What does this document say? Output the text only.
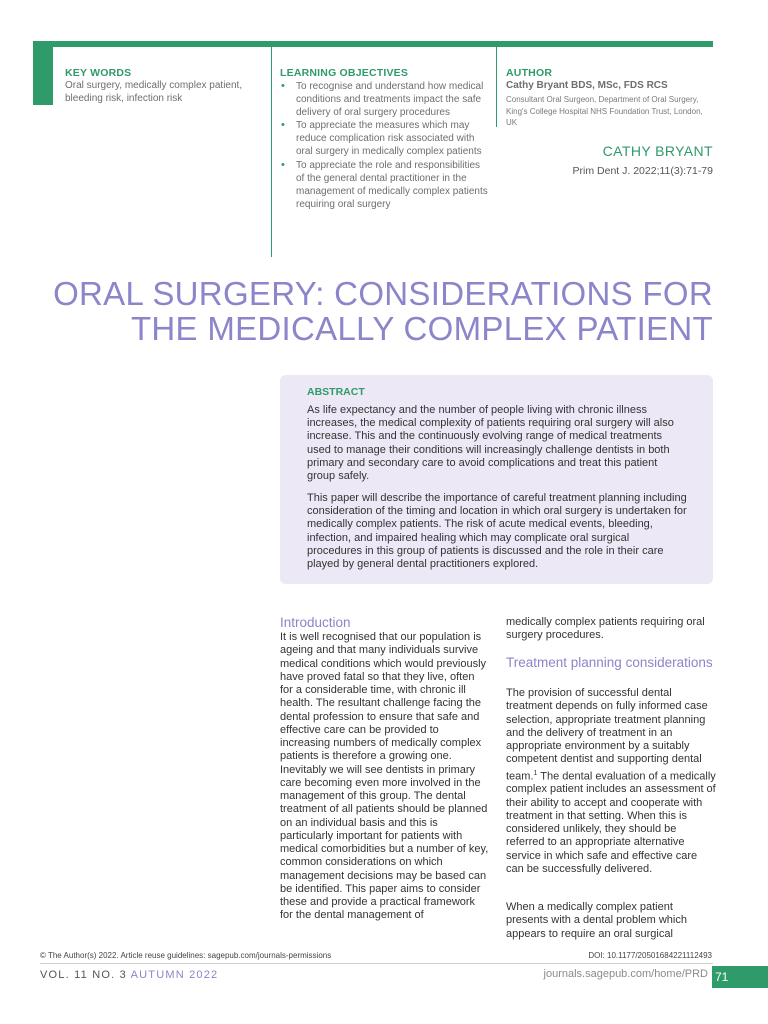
KEY WORDS
Oral surgery, medically complex patient, bleeding risk, infection risk
LEARNING OBJECTIVES
• To recognise and understand how medical conditions and treatments impact the safe delivery of oral surgery procedures
• To appreciate the measures which may reduce complication risk associated with oral surgery in medically complex patients
• To appreciate the role and responsibilities of the general dental practitioner in the management of medically complex patients requiring oral surgery
AUTHOR
Cathy Bryant BDS, MSc, FDS RCS
Consultant Oral Surgeon, Department of Oral Surgery, King's College Hospital NHS Foundation Trust, London, UK
CATHY BRYANT
Prim Dent J. 2022;11(3):71-79
ORAL SURGERY: CONSIDERATIONS FOR
THE MEDICALLY COMPLEX PATIENT
ABSTRACT

As life expectancy and the number of people living with chronic illness increases, the medical complexity of patients requiring oral surgery will also increase. This and the continuously evolving range of medical treatments used to manage their conditions will increasingly challenge dentists in both primary and secondary care to avoid complications and treat this patient group safely.

This paper will describe the importance of careful treatment planning including consideration of the timing and location in which oral surgery is undertaken for medically complex patients. The risk of acute medical events, bleeding, infection, and impaired healing which may complicate oral surgical procedures in this group of patients is discussed and the role in their care played by general dental practitioners explored.

Introduction

It is well recognised that our population is ageing and that many individuals survive medical conditions which would previously have proved fatal so that they live, often for a considerable time, with chronic ill health. The resultant challenge facing the dental profession to ensure that safe and effective care can be provided to increasing numbers of medically complex patients is therefore a growing one. Inevitably we will see dentists in primary care becoming even more involved in the management of this group. The dental treatment of all patients should be planned on an individual basis and this is particularly important for patients with medical comorbidities but a number of key, common considerations on which management decisions may be based can be identified. This paper aims to consider these and provide a practical framework for the dental management of

medically complex patients requiring oral surgery procedures.

Treatment planning considerations

The provision of successful dental treatment depends on fully informed case selection, appropriate treatment planning and the delivery of treatment in an appropriate environment by a suitably competent dentist and supporting dental team.$^1$ The dental evaluation of a medically complex patient includes an assessment of their ability to accept and cooperate with treatment in that setting. When this is considered unlikely, they should be referred to an appropriate alternative service in which safe and effective care can be successfully delivered.

When a medically complex patient presents with a dental problem which appears to require an oral surgical

© The Author(s) 2022. Article reuse guidelines: sagepub.com/journals-permissions	DOI: 10.1177/20501684221112493
VOL. 11 NO. 3 AUTUMN 2022	journals.sagepub.com/home/PRD 71
